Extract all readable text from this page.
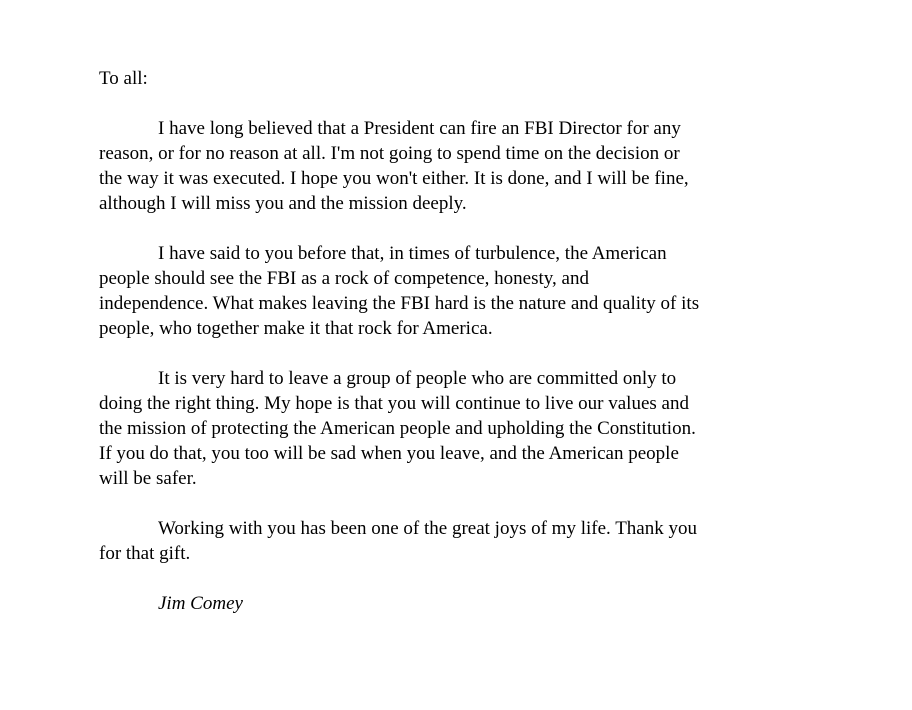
To all:
I have long believed that a President can fire an FBI Director for any
reason, or for no reason at all. I'm not going to spend time on the decision or
the way it was executed. I hope you won't either. It is done, and I will be fine,
although I will miss you and the mission deeply.
I have said to you before that, in times of turbulence, the American
people should see the FBI as a rock of competence, honesty, and
independence. What makes leaving the FBI hard is the nature and quality of its
people, who together make it that rock for America.
It is very hard to leave a group of people who are committed only to
doing the right thing. My hope is that you will continue to live our values and
the mission of protecting the American people and upholding the Constitution.
If you do that, you too will be sad when you leave, and the American people
will be safer.
Working with you has been one of the great joys of my life. Thank you
for that gift.
Jim Comey
